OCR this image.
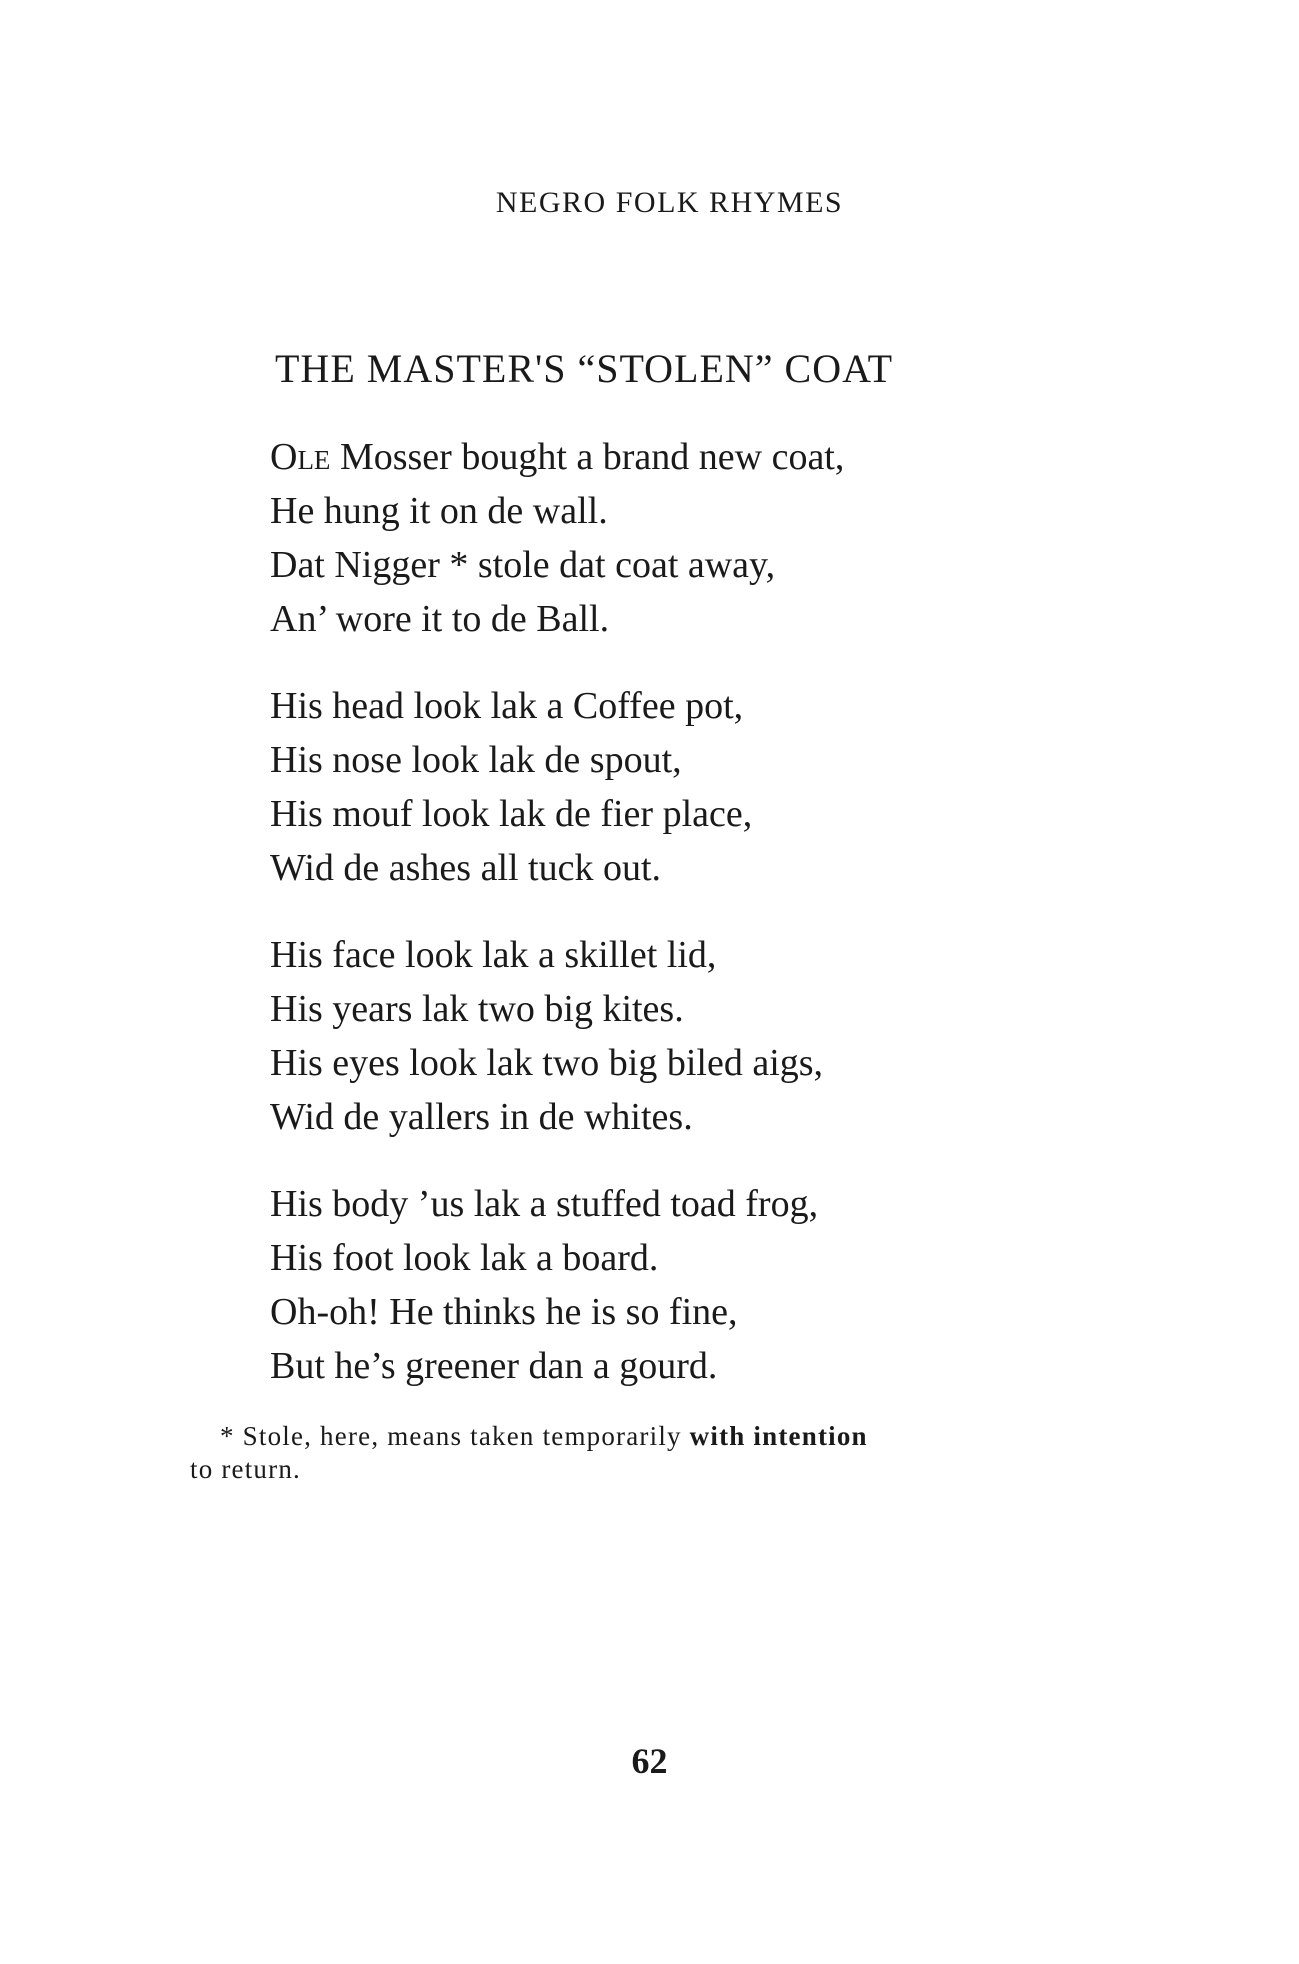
NEGRO FOLK RHYMES
THE MASTER'S “STOLEN” COAT
Ole Mosser bought a brand new coat,
He hung it on de wall.
Dat Nigger * stole dat coat away,
An’ wore it to de Ball.
His head look lak a Coffee pot,
His nose look lak de spout,
His mouf look lak de fier place,
Wid de ashes all tuck out.
His face look lak a skillet lid,
His years lak two big kites.
His eyes look lak two big biled aigs,
Wid de yallers in de whites.
His body ’us lak a stuffed toad frog,
His foot look lak a board.
Oh-oh! He thinks he is so fine,
But he’s greener dan a gourd.
* Stole, here, means taken temporarily with intention
to return.
62
